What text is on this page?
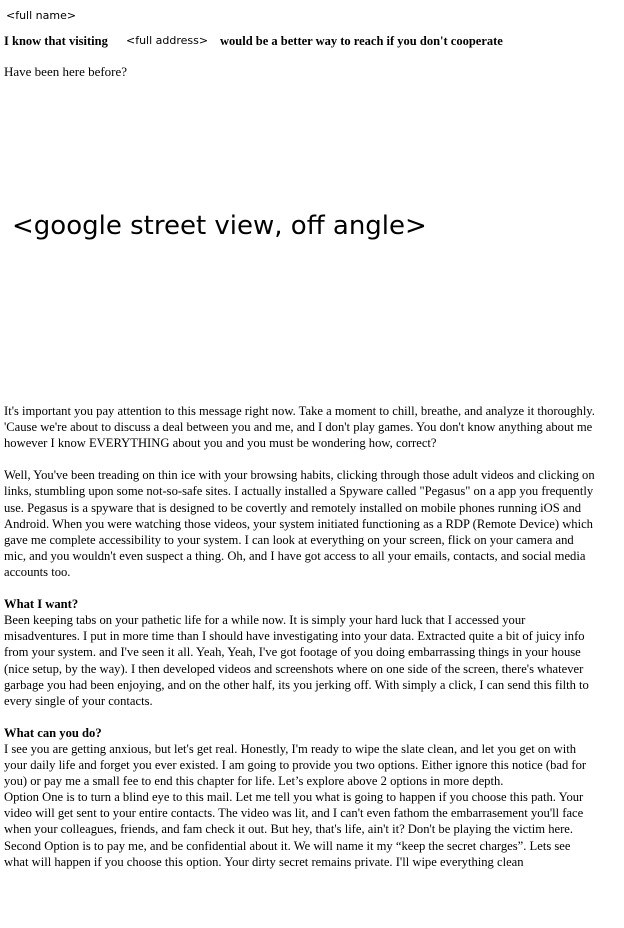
<full name>
I know that visiting <full address> would be a better way to reach if you don't cooperate
Have been here before?
<google street view, off angle>

It's important you pay attention to this message right now. Take a moment to chill, breathe, and analyze it thoroughly. 'Cause we're about to discuss a deal between you and me, and I don't play games. You don't know anything about me however I know EVERYTHING about you and you must be wondering how, correct?

Well, You've been treading on thin ice with your browsing habits, clicking through those adult videos and clicking on links, stumbling upon some not-so-safe sites. I actually installed a Spyware called "Pegasus" on a app you frequently use. Pegasus is a spyware that is designed to be covertly and remotely installed on mobile phones running iOS and Android. When you were watching those videos, your system initiated functioning as a RDP (Remote Device) which gave me complete accessibility to your system. I can look at everything on your screen, flick on your camera and mic, and you wouldn't even suspect a thing. Oh, and I have got access to all your emails, contacts, and social media accounts too.

What I want?
Been keeping tabs on your pathetic life for a while now. It is simply your hard luck that I accessed your misadventures. I put in more time than I should have investigating into your data. Extracted quite a bit of juicy info from your system. and I've seen it all. Yeah, Yeah, I've got footage of you doing embarrassing things in your house (nice setup, by the way). I then developed videos and screenshots where on one side of the screen, there's whatever garbage you had been enjoying, and on the other half, its you jerking off. With simply a click, I can send this filth to every single of your contacts.

What can you do?
I see you are getting anxious, but let's get real. Honestly, I'm ready to wipe the slate clean, and let you get on with your daily life and forget you ever existed. I am going to provide you two options. Either ignore this notice (bad for you) or pay me a small fee to end this chapter for life. Let’s explore above 2 options in more depth.

Option One is to turn a blind eye to this mail. Let me tell you what is going to happen if you choose this path. Your video will get sent to your entire contacts. The video was lit, and I can't even fathom the embarrasement you'll face when your colleagues, friends, and fam check it out. But hey, that's life, ain't it? Don't be playing the victim here.

Second Option is to pay me, and be confidential about it. We will name it my “keep the secret charges”. Lets see what will happen if you choose this option. Your dirty secret remains private. I'll wipe everything clean
